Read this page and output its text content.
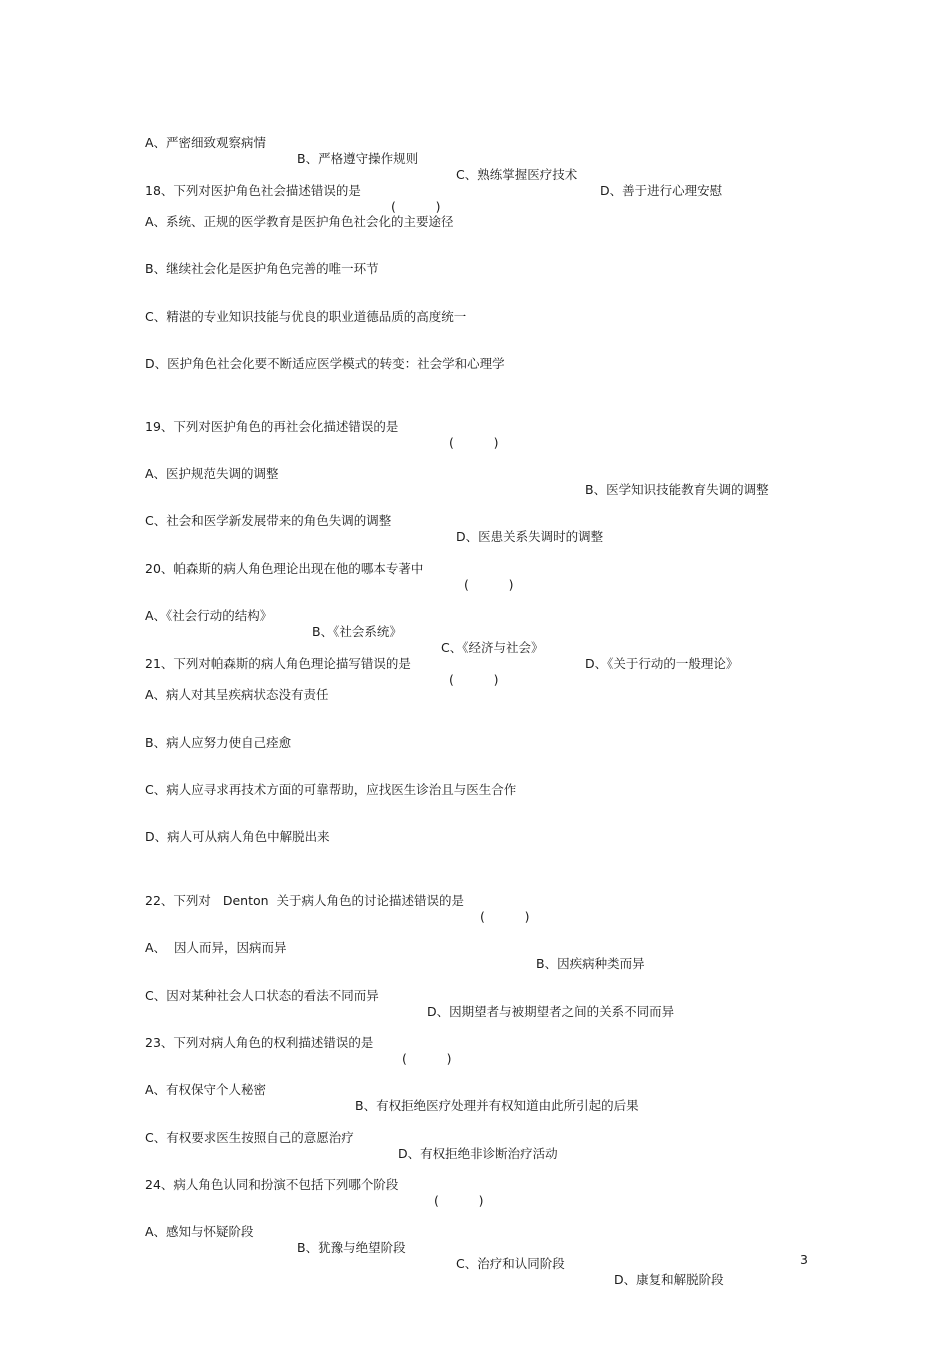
A、严密细致观察病情

B、严格遵守操作规则

C、熟练掌握医疗技术

D、善于进行心理安慰

18、下列对医护角色社会描述错误的是

(          )

A、系统、正规的医学教育是医护角色社会化的主要途径
B、继续社会化是医护角色完善的唯一环节
C、精湛的专业知识技能与优良的职业道德品质的高度统一
D、医护角色社会化要不断适应医学模式的转变：社会学和心理学

19、下列对医护角色的再社会化描述错误的是

(          )

A、医护规范失调的调整

B、医学知识技能教育失调的调整

C、社会和医学新发展带来的角色失调的调整

D、医患关系失调时的调整

20、帕森斯的病人角色理论出现在他的哪本专著中

(          )

A、《社会行动的结构》

B、《社会系统》

C、《经济与社会》

D、《关于行动的一般理论》

21、下列对帕森斯的病人角色理论描写错误的是

(          )

A、病人对其呈疾病状态没有责任
B、病人应努力使自己痊愈
C、病人应寻求再技术方面的可靠帮助，应找医生诊治且与医生合作
D、病人可从病人角色中解脱出来

22、下列对   Denton  关于病人角色的讨论描述错误的是

(          )

A、  因人而异，因病而异

B、因疾病种类而异

C、因对某种社会人口状态的看法不同而异

D、因期望者与被期望者之间的关系不同而异

23、下列对病人角色的权利描述错误的是

(          )

A、有权保守个人秘密

B、有权拒绝医疗处理并有权知道由此所引起的后果

C、有权要求医生按照自己的意愿治疗

D、有权拒绝非诊断治疗活动

24、病人角色认同和扮演不包括下列哪个阶段

(          )

A、感知与怀疑阶段

B、犹豫与绝望阶段

C、治疗和认同阶段

D、康复和解脱阶段

3
